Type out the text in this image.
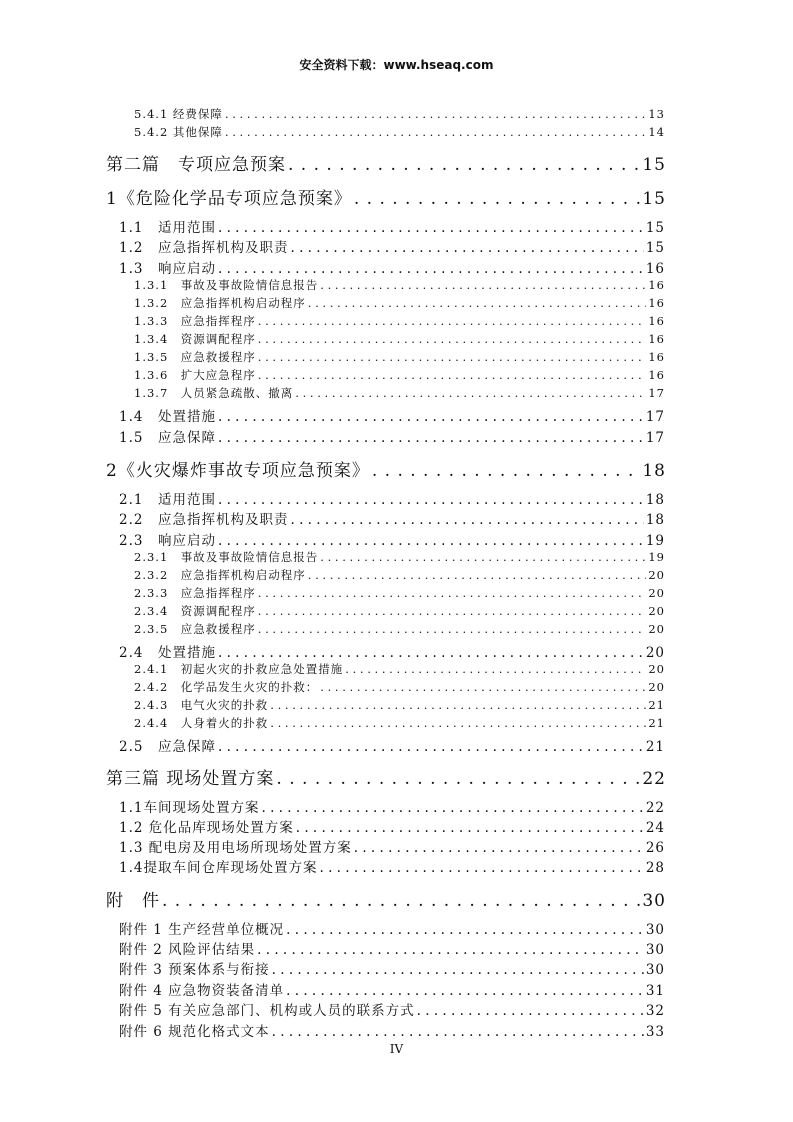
安全资料下载：www.hseaq.com
5.4.1 经费保障 . . .	13
5.4.2 其他保障 . . .	14
第二篇　专项应急预案 . . .	15
1《危险化学品专项应急预案》 . . .	15
1.1　适用范围 . . .	15
1.2　应急指挥机构及职责 . . .	15
1.3　响应启动 . . .	16
1.3.1　事故及事故险情信息报告 . . .	16
1.3.2　应急指挥机构启动程序 . . .	16
1.3.3　应急指挥程序 . . .	16
1.3.4　资源调配程序 . . .	16
1.3.5　应急救援程序 . . .	16
1.3.6　扩大应急程序 . . .	16
1.3.7　人员紧急疏散、撤离 . . .	17
1.4　处置措施 . . .	17
1.5　应急保障 . . .	17
2《火灾爆炸事故专项应急预案》 . . .	18
2.1　适用范围 . . .	18
2.2　应急指挥机构及职责 . . .	18
2.3　响应启动 . . .	19
2.3.1　事故及事故险情信息报告 . . .	19
2.3.2　应急指挥机构启动程序 . . .	20
2.3.3　应急指挥程序 . . .	20
2.3.4　资源调配程序 . . .	20
2.3.5　应急救援程序 . . .	20
2.4　处置措施 . . .	20
2.4.1　初起火灾的扑救应急处置措施 . . .	20
2.4.2　化学品发生火灾的扑救： . . .	20
2.4.3　电气火灾的扑救 . . .	21
2.4.4　人身着火的扑救 . . .	21
2.5　应急保障 . . .	21
第三篇 现场处置方案 . . .	22
1.1车间现场处置方案 . . .	22
1.2 危化品库现场处置方案 . . .	24
1.3 配电房及用电场所现场处置方案 . . .	26
1.4提取车间仓库现场处置方案 . . .	28
附　件 . . .	30
附件 1 生产经营单位概况 . . .	30
附件 2 风险评估结果 . . .	30
附件 3 预案体系与衔接 . . .	30
附件 4 应急物资装备清单 . . .	31
附件 5 有关应急部门、机构或人员的联系方式 . . .	32
附件 6 规范化格式文本 . . .	33
IV
